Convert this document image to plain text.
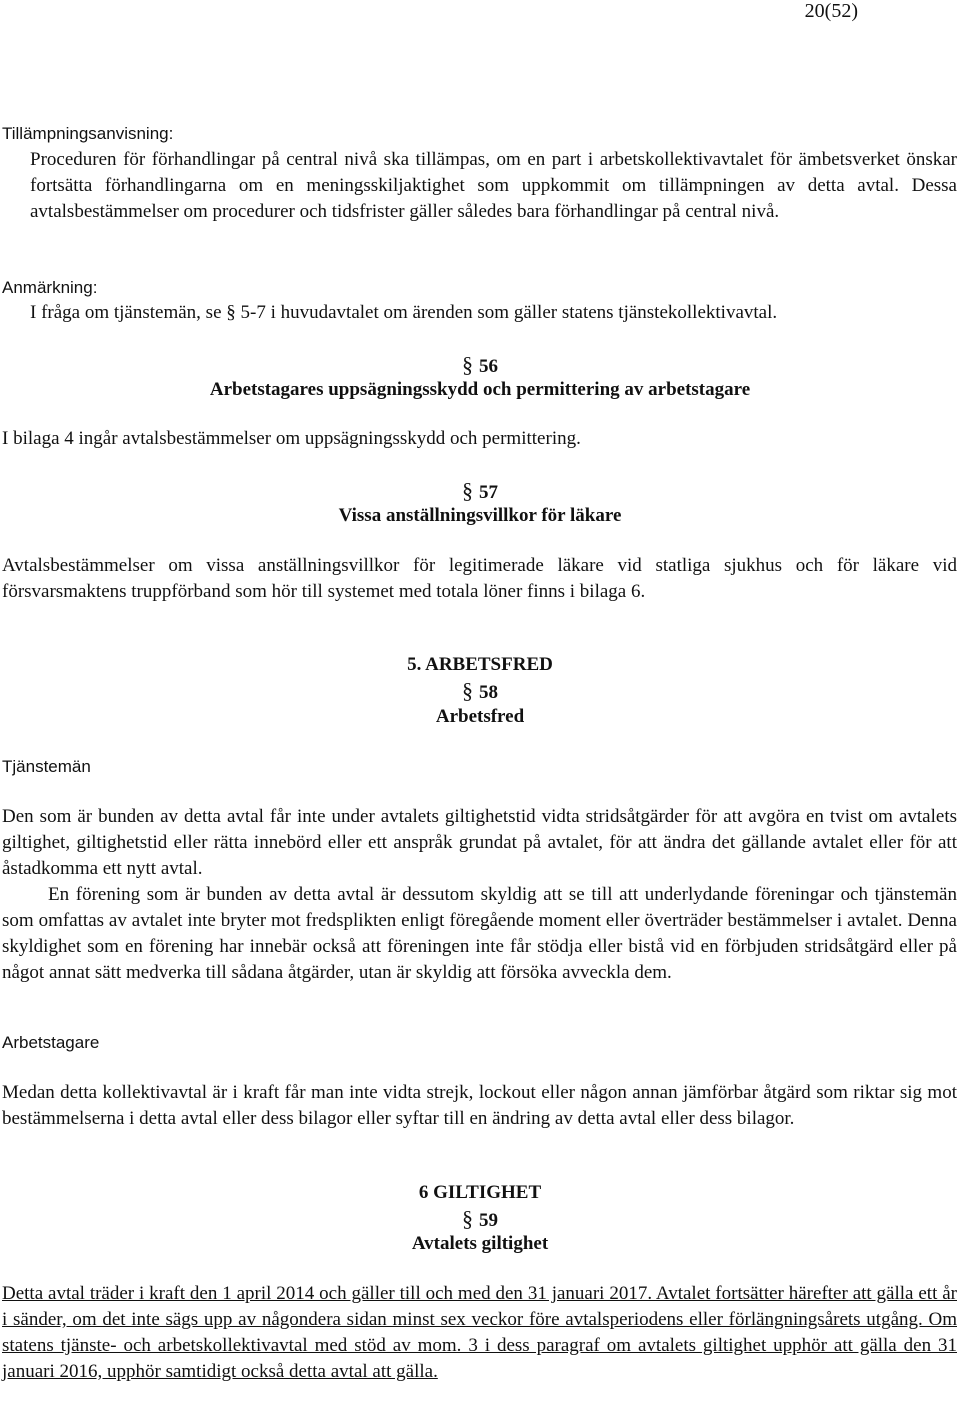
20(52)
Tillämpningsanvisning:

Proceduren för förhandlingar på central nivå ska tillämpas, om en part i arbetskollektivavtalet för ämbetsverket önskar fortsätta förhandlingarna om en meningsskiljaktighet som uppkommit om tillämpningen av detta avtal. Dessa avtalsbestämmelser om procedurer och tidsfrister gäller således bara förhandlingar på central nivå.

Anmärkning:

I fråga om tjänstemän, se § 5-7 i huvudavtalet om ärenden som gäller statens tjänstekollektivavtal.

§ 56
Arbetstagares uppsägningsskydd och permittering av arbetstagare

I bilaga 4 ingår avtalsbestämmelser om uppsägningsskydd och permittering.

§ 57
Vissa anställningsvillkor för läkare

Avtalsbestämmelser om vissa anställningsvillkor för legitimerade läkare vid statliga sjukhus och för läkare vid försvarsmaktens truppförband som hör till systemet med totala löner finns i bilaga 6.

5. ARBETSFRED
§ 58
Arbetsfred
Tjänstemän

Den som är bunden av detta avtal får inte under avtalets giltighetstid vidta stridsåtgärder för att avgöra en tvist om avtalets giltighet, giltighetstid eller rätta innebörd eller ett anspråk grundat på avtalet, för att ändra det gällande avtalet eller för att åstadkomma ett nytt avtal.

En förening som är bunden av detta avtal är dessutom skyldig att se till att underlydande föreningar och tjänstemän som omfattas av avtalet inte bryter mot fredsplikten enligt föregående moment eller överträder bestämmelser i avtalet. Denna skyldighet som en förening har innebär också att föreningen inte får stödja eller bistå vid en förbjuden stridsåtgärd eller på något annat sätt medverka till sådana åtgärder, utan är skyldig att försöka avveckla dem.

Arbetstagare

Medan detta kollektivavtal är i kraft får man inte vidta strejk, lockout eller någon annan jämförbar åtgärd som riktar sig mot bestämmelserna i detta avtal eller dess bilagor eller syftar till en ändring av detta avtal eller dess bilagor.

6 GILTIGHET
§ 59
Avtalets giltighet

Detta avtal träder i kraft den 1 april 2014 och gäller till och med den 31 januari 2017. Avtalet fortsätter härefter att gälla ett år i sänder, om det inte sägs upp av någondera sidan minst sex veckor före avtalsperiodens eller förlängningsårets utgång. Om statens tjänste- och arbetskollektivavtal med stöd av mom. 3 i dess paragraf om avtalets giltighet upphör att gälla den 31 januari 2016, upphör samtidigt också detta avtal att gälla.
